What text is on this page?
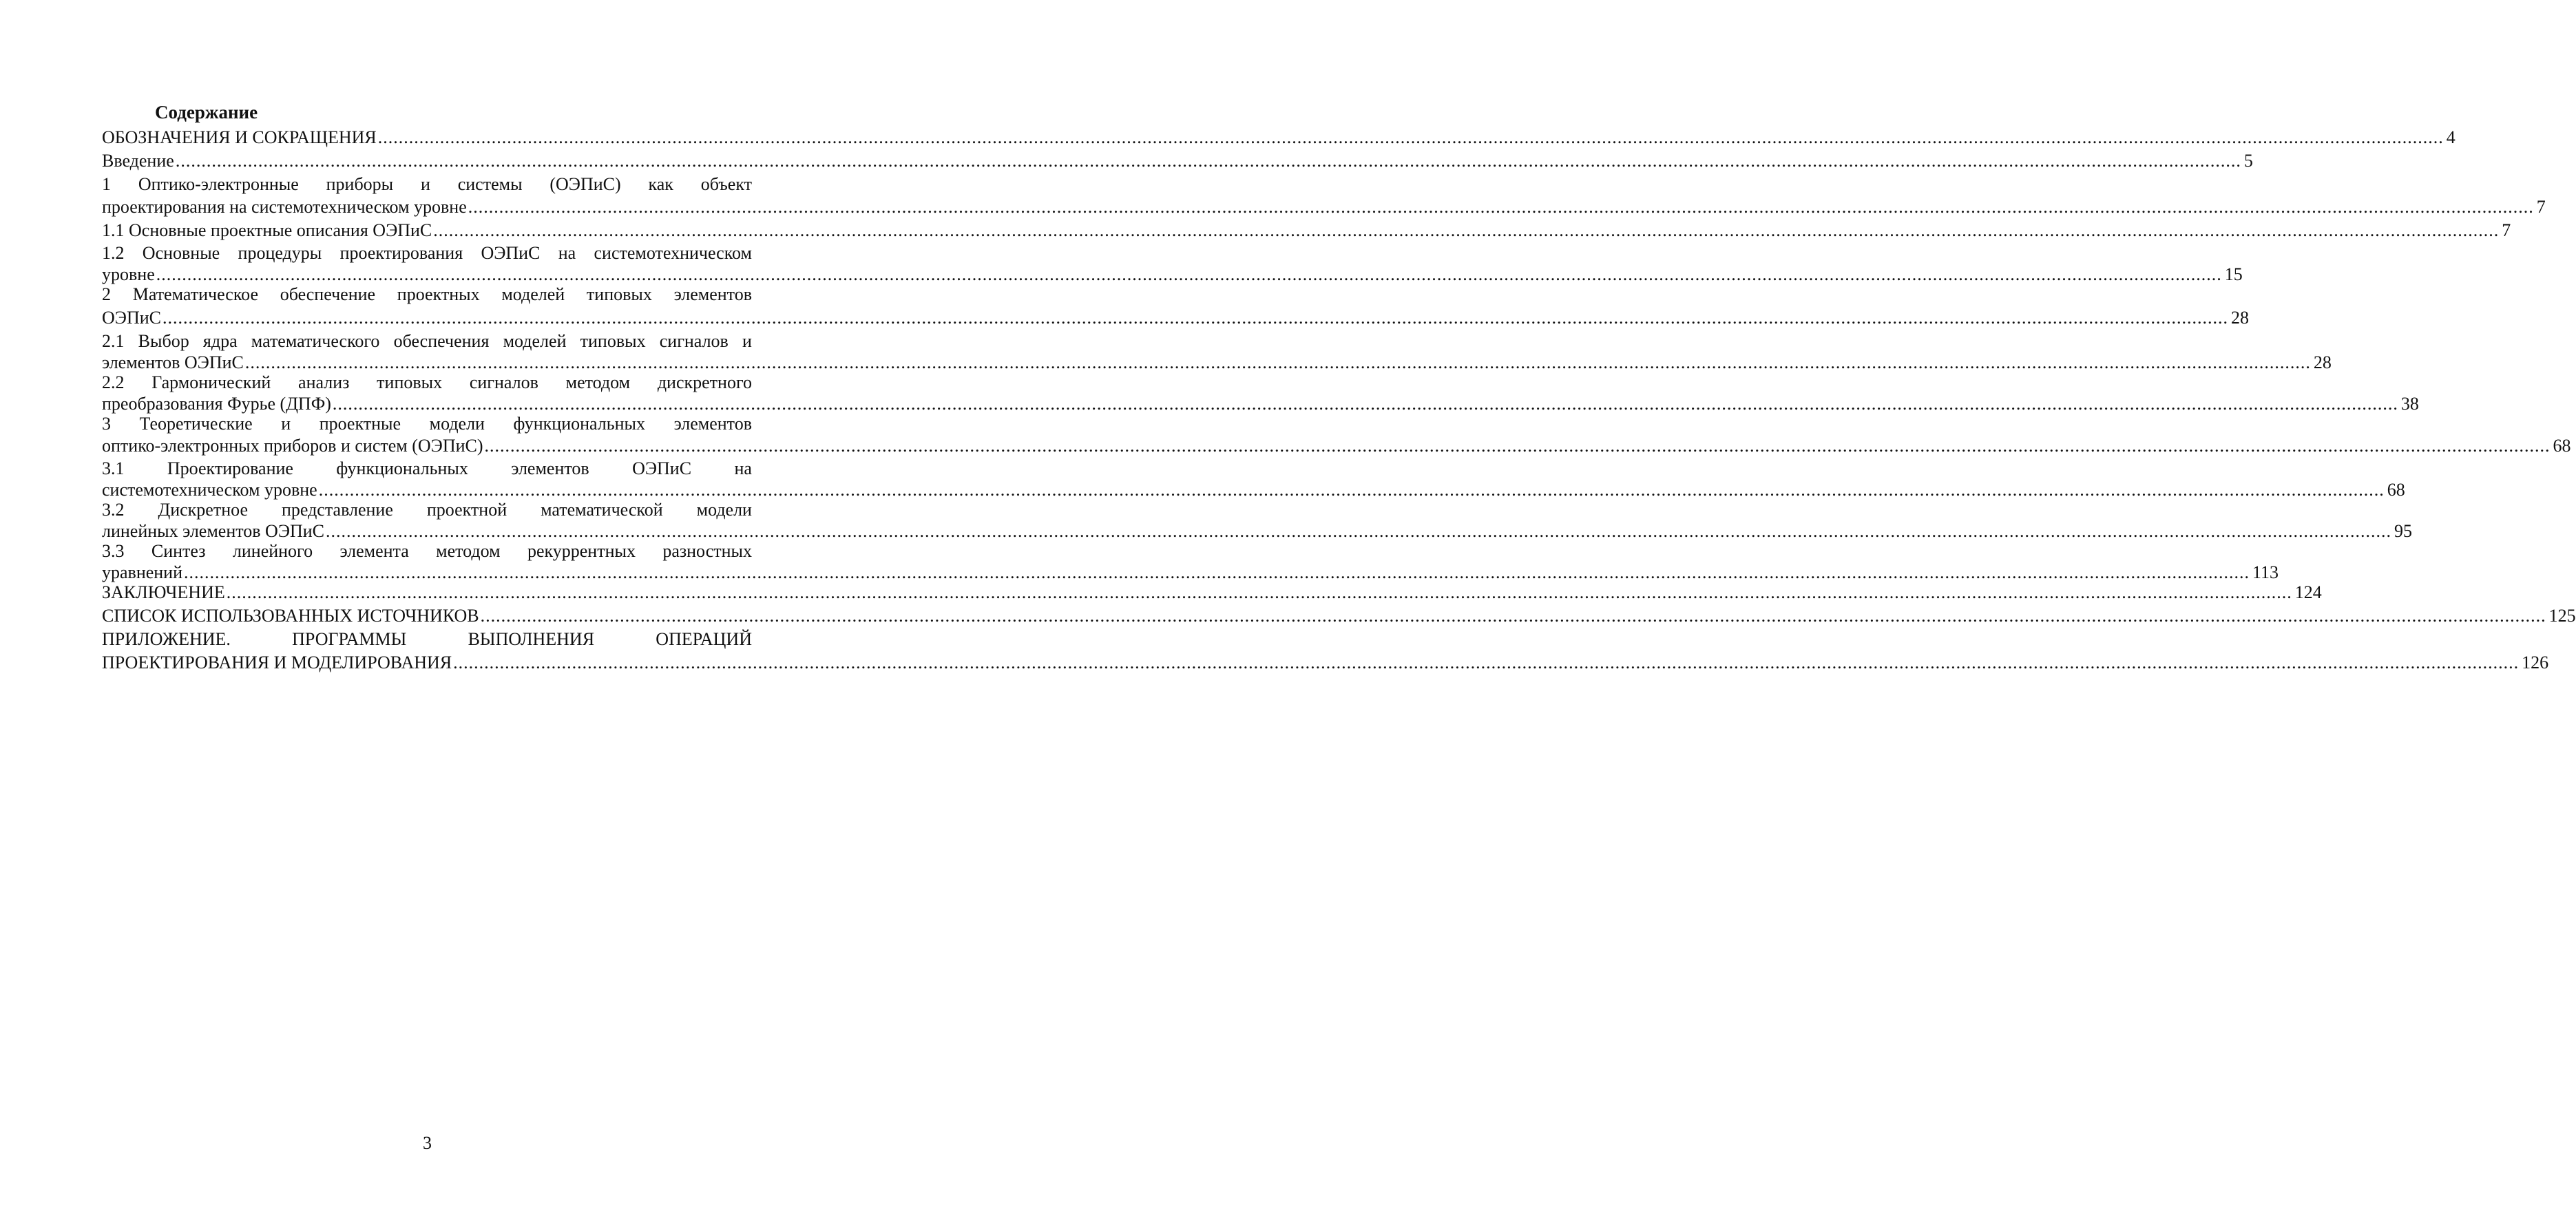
Содержание
ОБОЗНАЧЕНИЯ И СОКРАЩЕНИЯ ................................................................................................................................................................................................................................................................................................................................................................................................................ 4
Введение ................................................................................................................................................................................................................................................................................................................................................................................................................ 5
1 Оптико-электронные приборы и системы (ОЭПиС) как объект
проектирования на системотехническом уровне ................................................................................................................................................................................................................................................................................................................................................................................................................ 7
1.1 Основные проектные описания ОЭПиС ................................................................................................................................................................................................................................................................................................................................................................................................................ 7
1.2 Основные процедуры проектирования ОЭПиС на системотехническом
уровне ................................................................................................................................................................................................................................................................................................................................................................................................................ 15
2 Математическое обеспечение проектных моделей типовых элементов
ОЭПиС ................................................................................................................................................................................................................................................................................................................................................................................................................ 28
2.1 Выбор ядра математического обеспечения моделей типовых сигналов и
элементов ОЭПиС ................................................................................................................................................................................................................................................................................................................................................................................................................ 28
2.2 Гармонический анализ типовых сигналов методом дискретного
преобразования Фурье (ДПФ) ................................................................................................................................................................................................................................................................................................................................................................................................................ 38
3 Теоретические и проектные модели функциональных элементов
оптико-электронных приборов и систем (ОЭПиС) ................................................................................................................................................................................................................................................................................................................................................................................................................ 68
3.1 Проектирование функциональных элементов ОЭПиС на
системотехническом уровне ................................................................................................................................................................................................................................................................................................................................................................................................................ 68
3.2 Дискретное представление проектной математической модели
линейных элементов ОЭПиС ................................................................................................................................................................................................................................................................................................................................................................................................................ 95
3.3 Синтез линейного элемента методом рекуррентных разностных
уравнений ................................................................................................................................................................................................................................................................................................................................................................................................................ 113
ЗАКЛЮЧЕНИЕ ................................................................................................................................................................................................................................................................................................................................................................................................................ 124
СПИСОК ИСПОЛЬЗОВАННЫХ ИСТОЧНИКОВ ................................................................................................................................................................................................................................................................................................................................................................................................................ 125
ПРИЛОЖЕНИЕ.	ПРОГРАММЫ	ВЫПОЛНЕНИЯ	ОПЕРАЦИЙ
ПРОЕКТИРОВАНИЯ И МОДЕЛИРОВАНИЯ ................................................................................................................................................................................................................................................................................................................................................................................................................ 126
3
